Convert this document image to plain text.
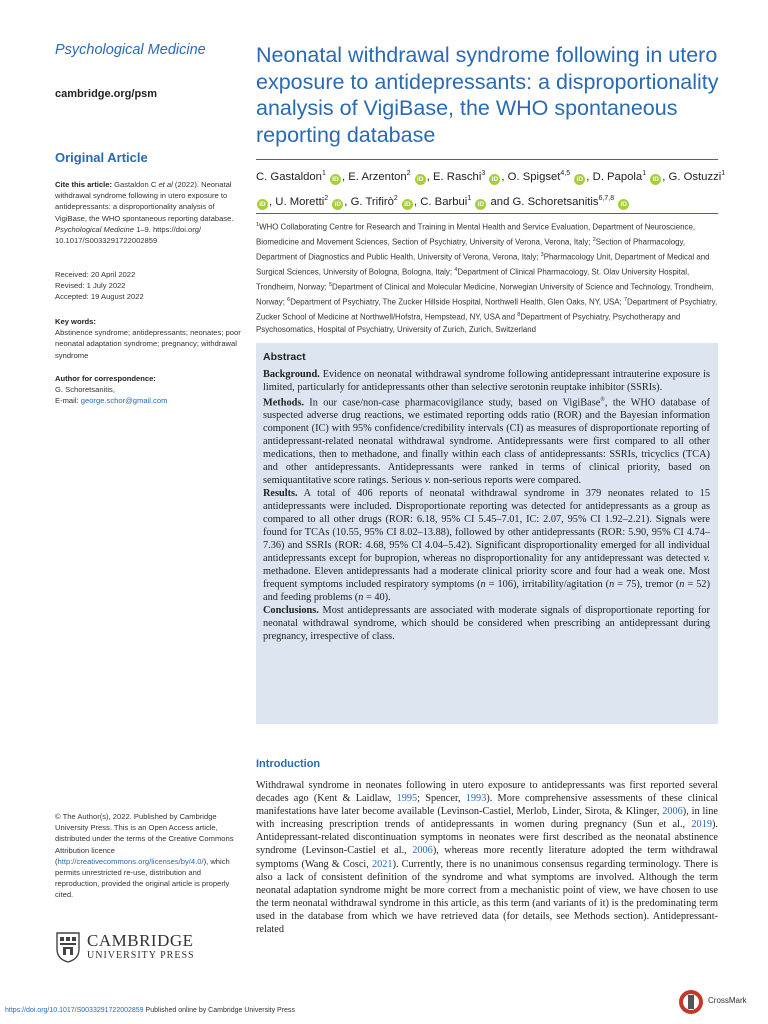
Psychological Medicine
cambridge.org/psm
Original Article
Cite this article: Gastaldon C et al (2022). Neonatal withdrawal syndrome following in utero exposure to antidepressants: a disproportionality analysis of VigiBase, the WHO spontaneous reporting database. Psychological Medicine 1–9. https://doi.org/ 10.1017/S0033291722002859
Received: 20 April 2022
Revised: 1 July 2022
Accepted: 19 August 2022
Key words:
Abstinence syndrome; antidepressants; neonates; poor neonatal adaptation syndrome; pregnancy; withdrawal syndrome
Author for correspondence:
G. Schoretsanitis,
E-mail: george.schor@gmail.com
© The Author(s), 2022. Published by Cambridge University Press. This is an Open Access article, distributed under the terms of the Creative Commons Attribution licence (http://creativecommons.org/licenses/by/4.0/), which permits unrestricted re-use, distribution and reproduction, provided the original article is properly cited.
CAMBRIDGE
UNIVERSITY PRESS
Neonatal withdrawal syndrome following in utero exposure to antidepressants: a disproportionality analysis of VigiBase, the WHO spontaneous reporting database
C. Gastaldon$^1$ iD , E. Arzenton$^2$ iD , E. Raschi$^3$ iD , O. Spigset$^{4,5}$ iD , D. Papola$^1$ iD , G. Ostuzzi$^1$ iD , U. Moretti$^2$ iD , G. Trifirò$^2$ iD , C. Barbui$^1$ iD and G. Schoretsanitis$^{6,7,8}$ iD
$^1$WHO Collaborating Centre for Research and Training in Mental Health and Service Evaluation, Department of Neuroscience, Biomedicine and Movement Sciences, Section of Psychiatry, University of Verona, Verona, Italy; $^2$Section of Pharmacology, Department of Diagnostics and Public Health, University of Verona, Verona, Italy; $^3$Pharmacology Unit, Department of Medical and Surgical Sciences, University of Bologna, Bologna, Italy; $^4$Department of Clinical Pharmacology, St. Olav University Hospital, Trondheim, Norway; $^5$Department of Clinical and Molecular Medicine, Norwegian University of Science and Technology, Trondheim, Norway; $^6$Department of Psychiatry, The Zucker Hillside Hospital, Northwell Health, Glen Oaks, NY, USA; $^7$Department of Psychiatry, Zucker School of Medicine at Northwell/Hofstra, Hempstead, NY, USA and $^8$Department of Psychiatry, Psychotherapy and Psychosomatics, Hospital of Psychiatry, University of Zurich, Zurich, Switzerland
Abstract

Background. Evidence on neonatal withdrawal syndrome following antidepressant intrauterine exposure is limited, particularly for antidepressants other than selective serotonin reuptake inhibitor (SSRIs).

Methods. In our case/non-case pharmacovigilance study, based on VigiBase®, the WHO database of suspected adverse drug reactions, we estimated reporting odds ratio (ROR) and the Bayesian information component (IC) with 95% confidence/credibility intervals (CI) as measures of disproportionate reporting of antidepressant-related neonatal withdrawal syndrome. Antidepressants were first compared to all other medications, then to methadone, and finally within each class of antidepressants: SSRIs, tricyclics (TCA) and other antidepressants. Antidepressants were ranked in terms of clinical priority, based on semiquantitative score ratings. Serious v. non-serious reports were compared.

Results. A total of 406 reports of neonatal withdrawal syndrome in 379 neonates related to 15 antidepressants were included. Disproportionate reporting was detected for antidepressants as a group as compared to all other drugs (ROR: 6.18, 95% CI 5.45–7.01, IC: 2.07, 95% CI 1.92–2.21). Signals were found for TCAs (10.55, 95% CI 8.02–13.88), followed by other antidepressants (ROR: 5.90, 95% CI 4.74–7.36) and SSRIs (ROR: 4.68, 95% CI 4.04–5.42). Significant disproportionality emerged for all individual antidepressants except for bupropion, whereas no disproportionality for any antidepressant was detected v. methadone. Eleven antidepressants had a moderate clinical priority score and four had a weak one. Most frequent symptoms included respiratory symptoms (n = 106), irritability/agitation (n = 75), tremor (n = 52) and feeding problems (n = 40).

Conclusions. Most antidepressants are associated with moderate signals of disproportionate reporting for neonatal withdrawal syndrome, which should be considered when prescribing an antidepressant during pregnancy, irrespective of class.

Introduction
Withdrawal syndrome in neonates following in utero exposure to antidepressants was first reported several decades ago (Kent & Laidlaw, 1995; Spencer, 1993). More comprehensive assessments of these clinical manifestations have later become available (Levinson-Castiel, Merlob, Linder, Sirota, & Klinger, 2006), in line with increasing prescription trends of antidepressants in women during pregnancy (Sun et al., 2019). Antidepressant-related discontinuation symptoms in neonates were first described as the neonatal abstinence syndrome (Levinson-Castiel et al., 2006), whereas more recently literature adopted the term withdrawal symptoms (Wang & Cosci, 2021). Currently, there is no unanimous consensus regarding terminology. There is also a lack of consistent definition of the syndrome and what symptoms are involved. Although the term neonatal adaptation syndrome might be more correct from a mechanistic point of view, we have chosen to use the term neonatal withdrawal syndrome in this article, as this term (and variants of it) is the predominating term used in the database from which we have retrieved data (for details, see Methods section). Antidepressant-related
https://doi.org/10.1017/S0033291722002859 Published online by Cambridge University Press
CrossMark
